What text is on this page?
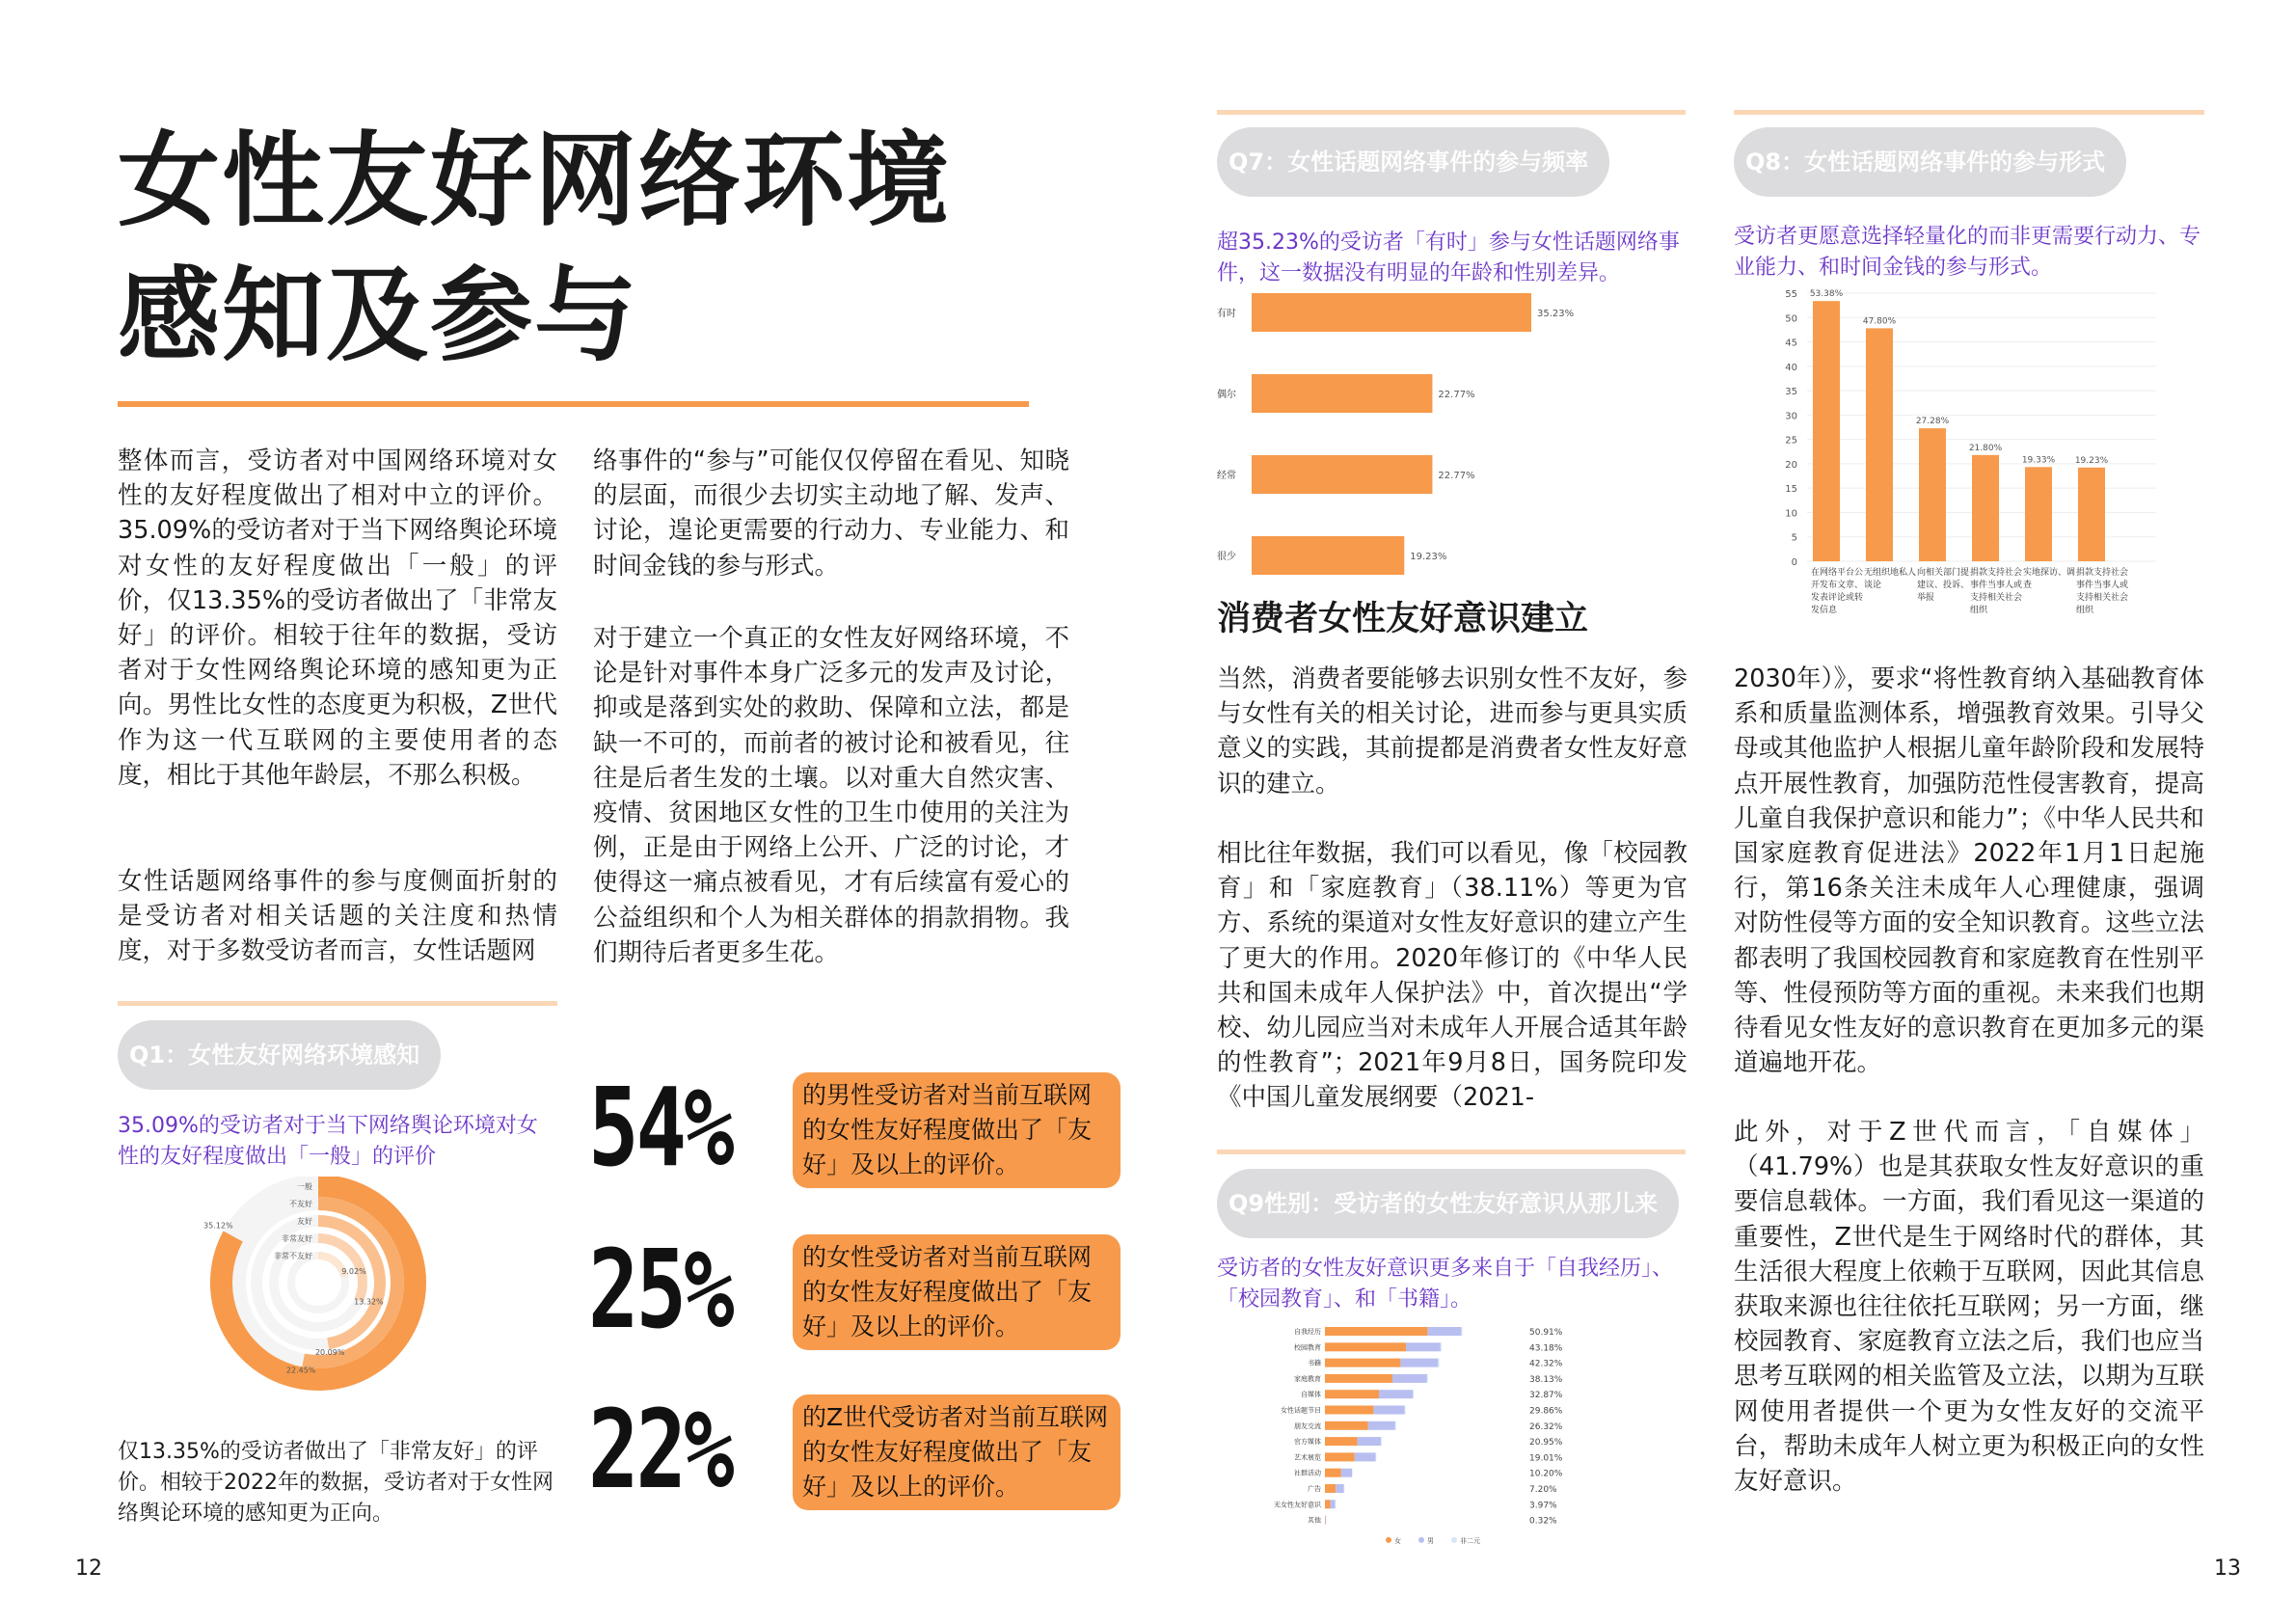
女性友好网络环境感知及参与
整体而言，受访者对中国网络环境对女性的友好程度做出了相对中立的评价。35.09%的受访者对于当下网络舆论环境对女性的友好程度做出「一般」的评价，仅13.35%的受访者做出了「非常友好」的评价。相较于往年的数据，受访者对于女性网络舆论环境的感知更为正向。男性比女性的态度更为积极，Z世代作为这一代互联网的主要使用者的态度，相比于其他年龄层，不那么积极。
女性话题网络事件的参与度侧面折射的是受访者对相关话题的关注度和热情度，对于多数受访者而言，女性话题网
络事件的“参与”可能仅仅停留在看见、知晓的层面，而很少去切实主动地了解、发声、讨论，遑论更需要的行动力、专业能力、和时间金钱的参与形式。
对于建立一个真正的女性友好网络环境，不论是针对事件本身广泛多元的发声及讨论，抑或是落到实处的救助、保障和立法，都是缺一不可的，而前者的被讨论和被看见，往往是后者生发的土壤。以对重大自然灾害、疫情、贫困地区女性的卫生巾使用的关注为例，正是由于网络上公开、广泛的讨论，才使得这一痛点被看见，才有后续富有爱心的公益组织和个人为相关群体的捐款捐物。我们期待后者更多生花。
Q1：女性友好网络环境感知
35.09%的受访者对于当下网络舆论环境对女性的友好程度做出「一般」的评价
一般
35.12%
不友好
22.45%
友好
20.09%
非常友好
13.32%
非常不友好
9.02%
仅13.35%的受访者做出了「非常友好」的评价。相较于2022年的数据，受访者对于女性网络舆论环境的感知更为正向。
54%	的男性受访者对当前互联网的女性友好程度做出了「友好」及以上的评价。
25%	的女性受访者对当前互联网的女性友好程度做出了「友好」及以上的评价。
22%	的Z世代受访者对当前互联网的女性友好程度做出了「友好」及以上的评价。
12
Q7：女性话题网络事件的参与频率
超35.23%的受访者「有时」参与女性话题网络事件，这一数据没有明显的年龄和性别差异。
有时	35.23%
偶尔	22.77%
经常	22.77%
很少	19.23%
Q8：女性话题网络事件的参与形式
受访者更愿意选择轻量化的而非更需要行动力、专业能力、和时间金钱的参与形式。
55
50
45
40
35
30
25
20
15
10
5
0
53.38%
在网络平台公
开发布文章、
发表评论或转
发信息
47.80%
无组织地私人
谈论
27.28%
向相关部门提
建议、投诉、
举报
21.80%
捐款支持社会
事件当事人或
支持相关社会
组织
19.33%
实地探访、调
查
19.23%
捐款支持社会
事件当事人或
支持相关社会
组织
消费者女性友好意识建立
当然，消费者要能够去识别女性不友好，参与女性有关的相关讨论，进而参与更具实质意义的实践，其前提都是消费者女性友好意识的建立。
相比往年数据，我们可以看见，像「校园教育」和「家庭教育」（38.11%）等更为官方、系统的渠道对女性友好意识的建立产生了更大的作用。2020年修订的《中华人民共和国未成年人保护法》中，首次提出“学校、幼儿园应当对未成年人开展合适其年龄的性教育”；2021年9月8日，国务院印发《中国儿童发展纲要（2021-
2030年）》，要求“将性教育纳入基础教育体系和质量监测体系，增强教育效果。引导父母或其他监护人根据儿童年龄阶段和发展特点开展性教育，加强防范性侵害教育，提高儿童自我保护意识和能力”；《中华人民共和国家庭教育促进法》2022年1月1日起施行，第16条关注未成年人心理健康，强调对防性侵等方面的安全知识教育。这些立法都表明了我国校园教育和家庭教育在性别平等、性侵预防等方面的重视。未来我们也期待看见女性友好的意识教育在更加多元的渠道遍地开花。
此外，对于Z世代而言，「自媒体」（41.79%）也是其获取女性友好意识的重要信息载体。一方面，我们看见这一渠道的重要性，Z世代是生于网络时代的群体，其生活很大程度上依赖于互联网，因此其信息获取来源也往往依托互联网；另一方面，继校园教育、家庭教育立法之后，我们也应当思考互联网的相关监管及立法，以期为互联网使用者提供一个更为女性友好的交流平台，帮助未成年人树立更为积极正向的女性友好意识。
Q9性别：受访者的女性友好意识从那儿来
受访者的女性友好意识更多来自于「自我经历」、「校园教育」、和「书籍」。
自我经历	50.91%
校园教育	43.18%
书籍	42.32%
家庭教育	38.13%
自媒体	32.87%
女性话题节目	29.86%
朋友交流	26.32%
官方媒体	20.95%
艺术展览	19.01%
社群活动	10.20%
广告	7.20%
无女性友好意识	3.97%
其他	0.32%
女	男	非二元
13
